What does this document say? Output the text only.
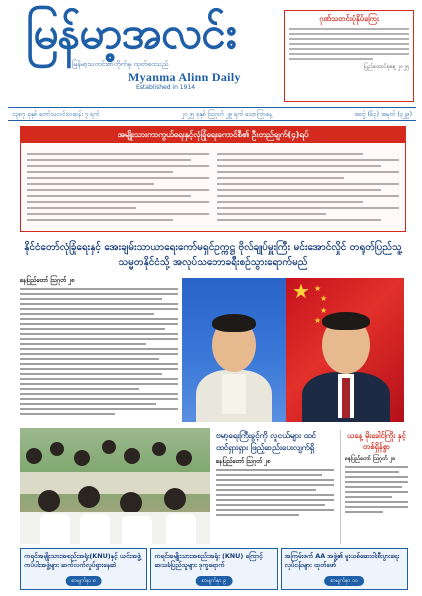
မြန်မာ့အလင်း
မြန်မာ့သတင်းစာတိုက်မှ ထုတ်ဝေသည်
Myanma Alinn Daily
Established in 1914
ဂုဏ်သတင်းပုံနှိပ်ကြေး
ပြည်ထောင်စုနေ့ ၂၀၂၅
၁၃၈၇ ခုနှစ် တော်သလင်းလဆန်း ၇ ရက်	၂၀၂၅ ခုနှစ် ဩဂုတ် ၂၉ ရက် သောကြာနေ့	အတွဲ (၆၃) အမှတ် (၃၂၉)
အမျိုးသားကာကွယ်ရေးနှင့်လုံခြုံရေးကောင်စီ၏ ဦးတည်ချက်(၄)ရပ်
နိုင်ငံတော်လုံခြုံရေးနှင့် အေးချမ်းသာယာရေးကော်မရှင်ဥက္ကဋ္ဌ ဗိုလ်ချုပ်မှူးကြီး မင်းအောင်လှိုင် တရုတ်ပြည်သူ့သမ္မတနိုင်ငံသို့ အလုပ်သဘောခရီးစဉ်သွားရောက်မည်
နေပြည်တော် ဩဂုတ် ၂၈	★ ★
★
★
★
ဗမာ့ရေးကြီးခွင့်ကို လူငယ်များ ထင်ထင်ရှားရှား ဖြည့်ဆည်းပေးလျက်ရှိ
နေပြည်တော် ဩဂုတ် ၂၈
ယနေ့ မိုးခေါင်ကြိုး နှင့် တစ်ရှိန်စွာ
နေပြည်တော် ဩဂုတ် ၂၈
ကရင်အမျိုးသားအစည်းအရုံး(KNU)နှင့် ယင်းအဖွဲ့ကပ်ပါးအဖွဲ့များ ဆက်လက်လှုပ်ရှားနေဆဲ
စာမျက်နှာ ၈
ကရင်အမျိုးသားအစည်းအရုံး (KNU) ကြောင့် ဒေသခံပြည်သူများ ဒုက္ခရောက်
စာမျက်နှာ ၉
အကြမ်းဖက် AA အဖွဲ့၏ မူးယစ်ဆေးဝါးစီးပွားရေး လုပ်ငန်းများ ထုတ်ဖော်
စာမျက်နှာ ၁၀
